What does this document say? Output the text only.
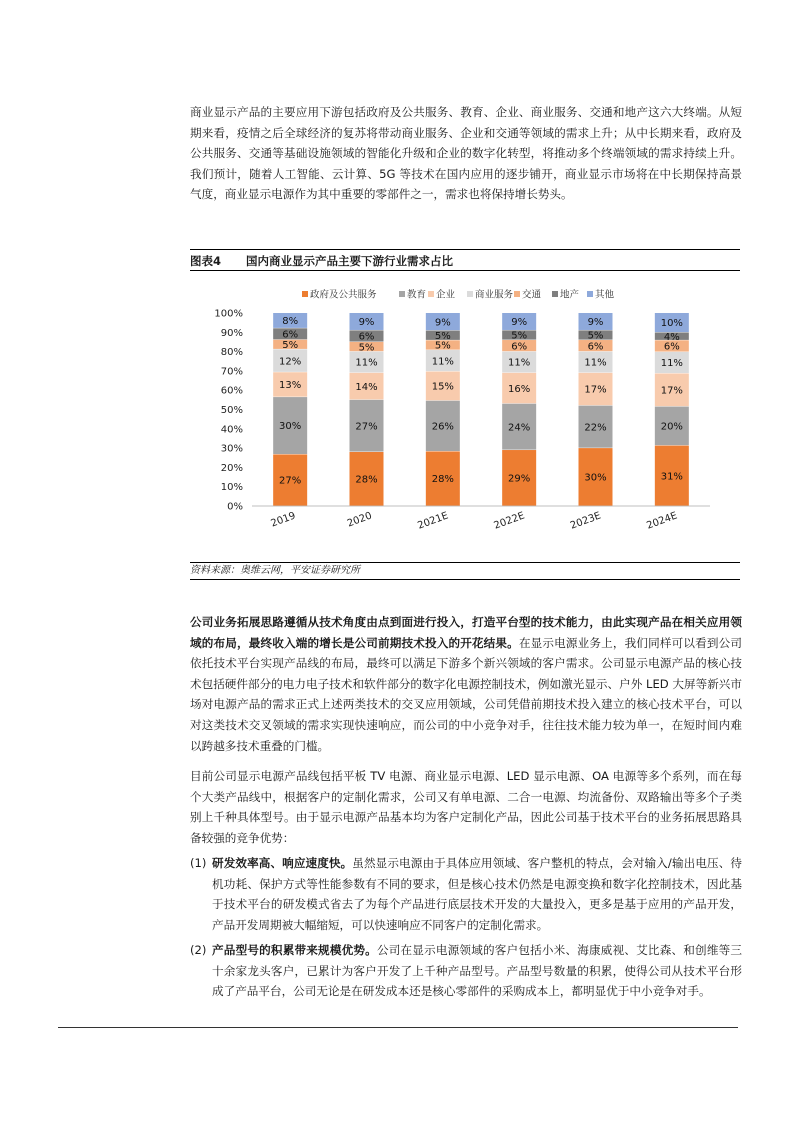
商业显示产品的主要应用下游包括政府及公共服务、教育、企业、商业服务、交通和地产这六大终端。从短期来看，疫情之后全球经济的复苏将带动商业服务、企业和交通等领域的需求上升；从中长期来看，政府及公共服务、交通等基础设施领域的智能化升级和企业的数字化转型，将推动多个终端领域的需求持续上升。我们预计，随着人工智能、云计算、5G 等技术在国内应用的逐步铺开，商业显示市场将在中长期保持高景气度，商业显示电源作为其中重要的零部件之一，需求也将保持增长势头。

图表4 国内商业显示产品主要下游行业需求占比
政府及公共服务	教育 企业 商业服务 交通 地产 其他
0%
10%
20%
30%
40%
50%
60%
70%
80%
90%
100%
27%
30%
13%
12%
5%
6%
8%
2019
28%
27%
14%
11%
5%
6%
9%
2020
28%
26%
15%
11%
5%
5%
9%
2021E
29%
24%
16%
11%
6%
5%
9%
2022E
30%
22%
17%
11%
6%
5%
9%
2023E
31%
20%
17%
11%
6%
4%
10%
2024E
资料来源：奥维云网，平安证券研究所

公司业务拓展思路遵循从技术角度由点到面进行投入，打造平台型的技术能力，由此实现产品在相关应用领域的布局，最终收入端的增长是公司前期技术投入的开花结果。在显示电源业务上，我们同样可以看到公司依托技术平台实现产品线的布局，最终可以满足下游多个新兴领域的客户需求。公司显示电源产品的核心技术包括硬件部分的电力电子技术和软件部分的数字化电源控制技术，例如激光显示、户外 LED 大屏等新兴市场对电源产品的需求正式上述两类技术的交叉应用领域，公司凭借前期技术投入建立的核心技术平台，可以对这类技术交叉领域的需求实现快速响应，而公司的中小竞争对手，往往技术能力较为单一，在短时间内难以跨越多技术重叠的门槛。

目前公司显示电源产品线包括平板 TV 电源、商业显示电源、LED 显示电源、OA 电源等多个系列，而在每个大类产品线中，根据客户的定制化需求，公司又有单电源、二合一电源、均流备份、双路输出等多个子类别上千种具体型号。由于显示电源产品基本均为客户定制化产品，因此公司基于技术平台的业务拓展思路具备较强的竞争优势：

(1) 研发效率高、响应速度快。虽然显示电源由于具体应用领域、客户整机的特点，会对输入/输出电压、待机功耗、保护方式等性能参数有不同的要求，但是核心技术仍然是电源变换和数字化控制技术，因此基于技术平台的研发模式省去了为每个产品进行底层技术开发的大量投入，更多是基于应用的产品开发，产品开发周期被大幅缩短，可以快速响应不同客户的定制化需求。
(2) 产品型号的积累带来规模优势。公司在显示电源领域的客户包括小米、海康威视、艾比森、和创维等三十余家龙头客户，已累计为客户开发了上千种产品型号。产品型号数量的积累，使得公司从技术平台形成了产品平台，公司无论是在研发成本还是核心零部件的采购成本上，都明显优于中小竞争对手。
